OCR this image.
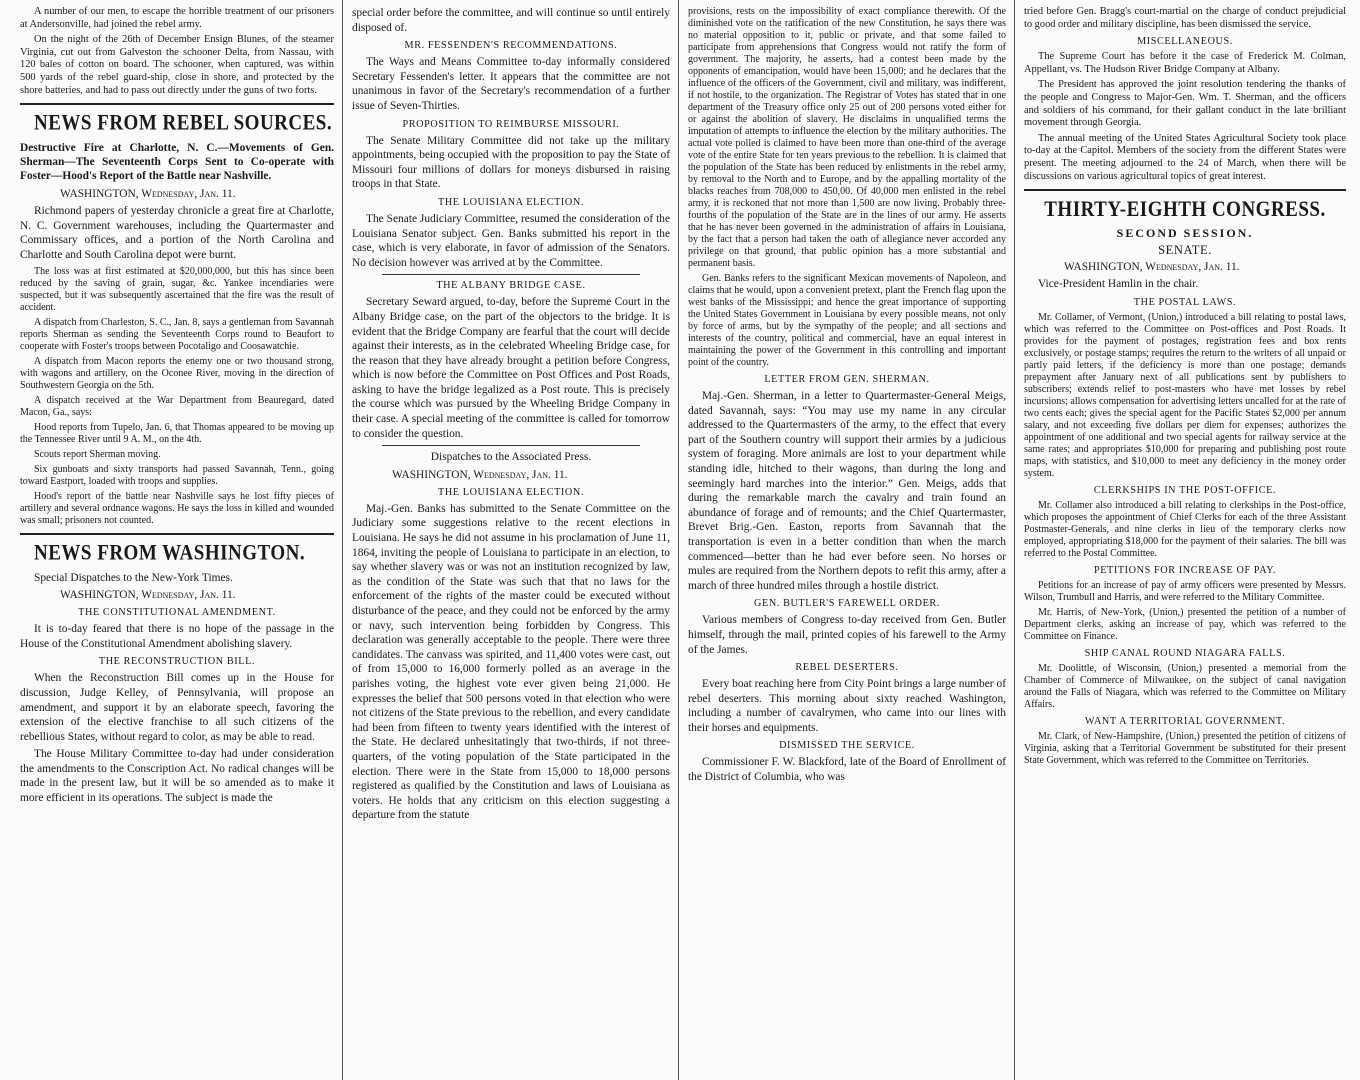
A number of our men, to escape the horrible treatment of our prisoners at Andersonville, had joined the rebel army.

On the night of the 26th of December Ensign Blunes, of the steamer Virginia, cut out from Galveston the schooner Delta, from Nassau, with 120 bales of cotton on board. The schooner, when captured, was within 500 yards of the rebel guard-ship, close in shore, and protected by the shore batteries, and had to pass out directly under the guns of two forts.

NEWS FROM REBEL SOURCES.
Destructive Fire at Charlotte, N. C.—Movements of Gen. Sherman—The Seventeenth Corps Sent to Co-operate with Foster—Hood's Report of the Battle near Nashville.
WASHINGTON, Wednesday, Jan. 11.

Richmond papers of yesterday chronicle a great fire at Charlotte, N. C. Government warehouses, including the Quartermaster and Commissary offices, and a portion of the North Carolina and Charlotte and South Carolina depot were burnt.

The loss was at first estimated at $20,000,000, but this has since been reduced by the saving of grain, sugar, &c. Yankee incendiaries were suspected, but it was subsequently ascertained that the fire was the result of accident.

A dispatch from Charleston, S. C., Jan. 8, says a gentleman from Savannah reports Sherman as sending the Seventeenth Corps round to Beaufort to cooperate with Foster's troops between Pocotaligo and Coosawatchie.

A dispatch from Macon reports the enemy one or two thousand strong, with wagons and artillery, on the Oconee River, moving in the direction of Southwestern Georgia on the 5th.

A dispatch received at the War Department from Beauregard, dated Macon, Ga., says:

Hood reports from Tupelo, Jan. 6, that Thomas appeared to be moving up the Tennessee River until 9 A. M., on the 4th.

Scouts report Sherman moving.

Six gunboats and sixty transports had passed Savannah, Tenn., going toward Eastport, loaded with troops and supplies.

Hood's report of the battle near Nashville says he lost fifty pieces of artillery and several ordnance wagons. He says the loss in killed and wounded was small; prisoners not counted.

NEWS FROM WASHINGTON.

Special Dispatches to the New-York Times.

WASHINGTON, Wednesday, Jan. 11.
THE CONSTITUTIONAL AMENDMENT.

It is to-day feared that there is no hope of the passage in the House of the Constitutional Amendment abolishing slavery.

THE RECONSTRUCTION BILL.

When the Reconstruction Bill comes up in the House for discussion, Judge Kelley, of Pennsylvania, will propose an amendment, and support it by an elaborate speech, favoring the extension of the elective franchise to all such citizens of the rebellious States, without regard to color, as may be able to read.

The House Military Committee to-day had under consideration the amendments to the Conscription Act. No radical changes will be made in the present law, but it will be so amended as to make it more efficient in its operations. The subject is made the

special order before the committee, and will continue so until entirely disposed of.

MR. FESSENDEN'S RECOMMENDATIONS.

The Ways and Means Committee to-day informally considered Secretary Fessenden's letter. It appears that the committee are not unanimous in favor of the Secretary's recommendation of a further issue of Seven-Thirties.

PROPOSITION TO REIMBURSE MISSOURI.

The Senate Military Committee did not take up the military appointments, being occupied with the proposition to pay the State of Missouri four millions of dollars for moneys disbursed in raising troops in that State.

THE LOUISIANA ELECTION.

The Senate Judiciary Committee, resumed the consideration of the Louisiana Senator subject. Gen. Banks submitted his report in the case, which is very elaborate, in favor of admission of the Senators. No decision however was arrived at by the Committee.

THE ALBANY BRIDGE CASE.

Secretary Seward argued, to-day, before the Supreme Court in the Albany Bridge case, on the part of the objectors to the bridge. It is evident that the Bridge Company are fearful that the court will decide against their interests, as in the celebrated Wheeling Bridge case, for the reason that they have already brought a petition before Congress, which is now before the Committee on Post Offices and Post Roads, asking to have the bridge legalized as a Post route. This is precisely the course which was pursued by the Wheeling Bridge Company in their case. A special meeting of the committee is called for tomorrow to consider the question.

Dispatches to the Associated Press.

WASHINGTON, Wednesday, Jan. 11.
THE LOUISIANA ELECTION.

Maj.-Gen. Banks has submitted to the Senate Committee on the Judiciary some suggestions relative to the recent elections in Louisiana. He says he did not assume in his proclamation of June 11, 1864, inviting the people of Louisiana to participate in an election, to say whether slavery was or was not an institution recognized by law, as the condition of the State was such that that no laws for the enforcement of the rights of the master could be executed without disturbance of the peace, and they could not be enforced by the army or navy, such intervention being forbidden by Congress. This declaration was generally acceptable to the people. There were three candidates. The canvass was spirited, and 11,400 votes were cast, out of from 15,000 to 16,000 formerly polled as an average in the parishes voting, the highest vote ever given being 21,000. He expresses the belief that 500 persons voted in that election who were not citizens of the State previous to the rebellion, and every candidate had been from fifteen to twenty years identified with the interest of the State. He declared unhesitatingly that two-thirds, if not three-quarters, of the voting population of the State participated in the election. There were in the State from 15,000 to 18,000 persons registered as qualified by the Constitution and laws of Louisiana as voters. He holds that any criticism on this election suggesting a departure from the statute

provisions, rests on the impossibility of exact compliance therewith. Of the diminished vote on the ratification of the new Constitution, he says there was no material opposition to it, public or private, and that some failed to participate from apprehensions that Congress would not ratify the form of government. The majority, he asserts, had a contest been made by the opponents of emancipation, would have been 15,000; and he declares that the influence of the officers of the Government, civil and military, was indifferent, if not hostile, to the organization. The Registrar of Votes has stated that in one department of the Treasury office only 25 out of 200 persons voted either for or against the abolition of slavery. He disclaims in unqualified terms the imputation of attempts to influence the election by the military authorities. The actual vote polled is claimed to have been more than one-third of the average vote of the entire State for ten years previous to the rebellion. It is claimed that the population of the State has been reduced by enlistments in the rebel army, by removal to the North and to Europe, and by the appalling mortality of the blacks reaches from 708,000 to 450,00. Of 40,000 men enlisted in the rebel army, it is reckoned that not more than 1,500 are now living. Probably three-fourths of the population of the State are in the lines of our army. He asserts that he has never been governed in the administration of affairs in Louisiana, by the fact that a person had taken the oath of allegiance never accorded any privilege on that ground, that public opinion has a more substantial and permanent basis.

Gen. Banks refers to the significant Mexican movements of Napoleon, and claims that he would, upon a convenient pretext, plant the French flag upon the west banks of the Mississippi; and hence the great importance of supporting the United States Government in Louisiana by every possible means, not only by force of arms, but by the sympathy of the people; and all sections and interests of the country, political and commercial, have an equal interest in maintaining the power of the Government in this controlling and important point of the country.

LETTER FROM GEN. SHERMAN.

Maj.-Gen. Sherman, in a letter to Quartermaster-General Meigs, dated Savannah, says: “You may use my name in any circular addressed to the Quartermasters of the army, to the effect that every part of the Southern country will support their armies by a judicious system of foraging. More animals are lost to your department while standing idle, hitched to their wagons, than during the long and seemingly hard marches into the interior.” Gen. Meigs, adds that during the remarkable march the cavalry and train found an abundance of forage and of remounts; and the Chief Quartermaster, Brevet Brig.-Gen. Easton, reports from Savannah that the transportation is even in a better condition than when the march commenced—better than he had ever before seen. No horses or mules are required from the Northern depots to refit this army, after a march of three hundred miles through a hostile district.

GEN. BUTLER'S FAREWELL ORDER.

Various members of Congress to-day received from Gen. Butler himself, through the mail, printed copies of his farewell to the Army of the James.

REBEL DESERTERS.

Every boat reaching here from City Point brings a large number of rebel deserters. This morning about sixty reached Washington, including a number of cavalrymen, who came into our lines with their horses and equipments.

DISMISSED THE SERVICE.

Commissioner F. W. Blackford, late of the Board of Enrollment of the District of Columbia, who was

tried before Gen. Bragg's court-martial on the charge of conduct prejudicial to good order and military discipline, has been dismissed the service.

MISCELLANEOUS.

The Supreme Court has before it the case of Frederick M. Colman, Appellant, vs. The Hudson River Bridge Company at Albany.

The President has approved the joint resolution tendering the thanks of the people and Congress to Major-Gen. Wm. T. Sherman, and the officers and soldiers of his command, for their gallant conduct in the late brilliant movement through Georgia.

The annual meeting of the United States Agricultural Society took place to-day at the Capitol. Members of the society from the different States were present. The meeting adjourned to the 24 of March, when there will be discussions on various agricultural topics of great interest.

THIRTY-EIGHTH CONGRESS.
SECOND SESSION.
SENATE.
WASHINGTON, Wednesday, Jan. 11.

Vice-President Hamlin in the chair.

THE POSTAL LAWS.

Mr. Collamer, of Vermont, (Union,) introduced a bill relating to postal laws, which was referred to the Committee on Post-offices and Post Roads. It provides for the payment of postages, registration fees and box rents exclusively, or postage stamps; requires the return to the writers of all unpaid or partly paid letters, if the deficiency is more than one postage; demands prepayment after January next of all publications sent by publishers to subscribers; extends relief to post-masters who have met losses by rebel incursions; allows compensation for advertising letters uncalled for at the rate of two cents each; gives the special agent for the Pacific States $2,000 per annum salary, and not exceeding five dollars per diem for expenses; authorizes the appointment of one additional and two special agents for railway service at the same rates; and appropriates $10,000 for preparing and publishing post route maps, with statistics, and $10,000 to meet any deficiency in the money order system.

CLERKSHIPS IN THE POST-OFFICE.

Mr. Collamer also introduced a bill relating to clerkships in the Post-office, which proposes the appointment of Chief Clerks for each of the three Assistant Postmaster-Generals, and nine clerks in lieu of the temporary clerks now employed, appropriating $18,000 for the payment of their salaries. The bill was referred to the Postal Committee.

PETITIONS FOR INCREASE OF PAY.

Petitions for an increase of pay of army officers were presented by Messrs. Wilson, Trumbull and Harris, and were referred to the Military Committee.

Mr. Harris, of New-York, (Union,) presented the petition of a number of Department clerks, asking an increase of pay, which was referred to the Committee on Finance.

SHIP CANAL ROUND NIAGARA FALLS.

Mr. Doolittle, of Wisconsin, (Union,) presented a memorial from the Chamber of Commerce of Milwaukee, on the subject of canal navigation around the Falls of Niagara, which was referred to the Committee on Military Affairs.

WANT A TERRITORIAL GOVERNMENT.

Mr. Clark, of New-Hampshire, (Union,) presented the petition of citizens of Virginia, asking that a Territorial Government be substituted for their present State Government, which was referred to the Committee on Territories.
